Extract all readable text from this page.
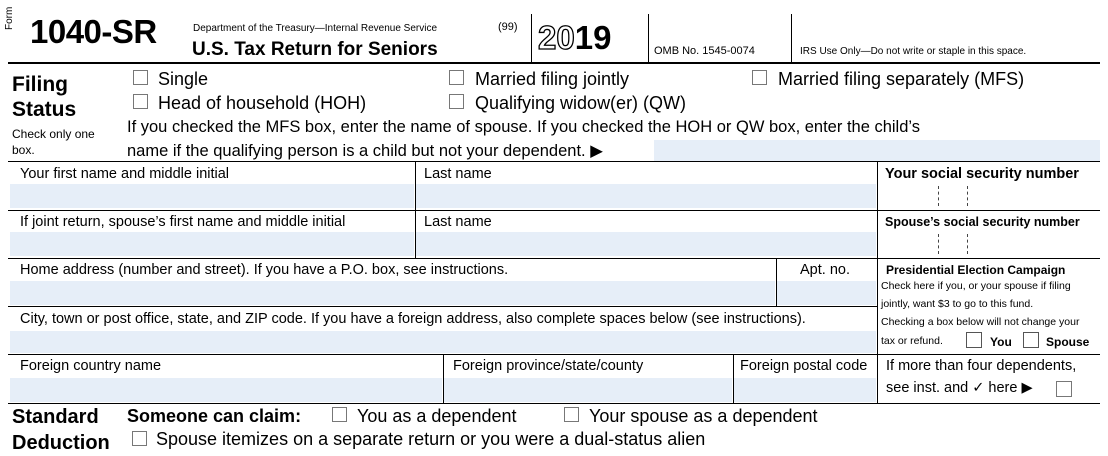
Form 1040-SR	Department of the Treasury—Internal Revenue Service	(99)
U.S. Tax Return for Seniors	2019	OMB No. 1545-0074	IRS Use Only—Do not write or staple in this space.
Filing
Status
Check only one
box.
Single	Married filing jointly	Married filing separately (MFS)
Head of household (HOH)	Qualifying widow(er) (QW)
If you checked the MFS box, enter the name of spouse. If you checked the HOH or QW box, enter the child’s
name if the qualifying person is a child but not your dependent. ▶
Your first name and middle initial	Last name	Your social security number
If joint return, spouse’s first name and middle initial	Last name	Spouse’s social security number
Home address (number and street). If you have a P.O. box, see instructions.	Apt. no.
City, town or post office, state, and ZIP code. If you have a foreign address, also complete spaces below (see instructions).
Presidential Election Campaign
Check here if you, or your spouse if filing
jointly, want $3 to go to this fund.
Checking a box below will not change your
tax or refund.	You	Spouse
Foreign country name	Foreign province/state/county	Foreign postal code If more than four dependents,
see inst. and ✓ here ▶
Standard
Deduction
Someone can claim:	You as a dependent	Your spouse as a dependent
Spouse itemizes on a separate return or you were a dual-status alien
